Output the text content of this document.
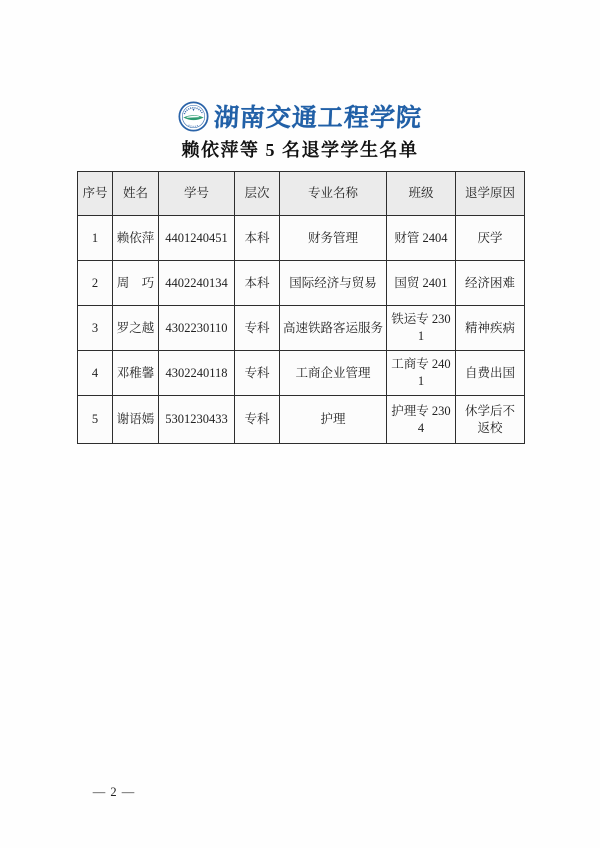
湖南交通工程学院
赖依萍等 5 名退学学生名单
序号	姓名	学号	层次	专业名称	班级	退学原因
1	赖依萍	4401240451	本科	财务管理	财管 2404	厌学
2	周　巧	4402240134	本科	国际经济与贸易	国贸 2401	经济困难
3	罗之越	4302230110	专科	高速铁路客运服务	铁运专 2301	精神疾病
4	邓稚馨	4302240118	专科	工商企业管理	工商专 2401	自费出国
5	谢语嫣	5301230433	专科	护理	护理专 2304	休学后不返校
— 2 —
